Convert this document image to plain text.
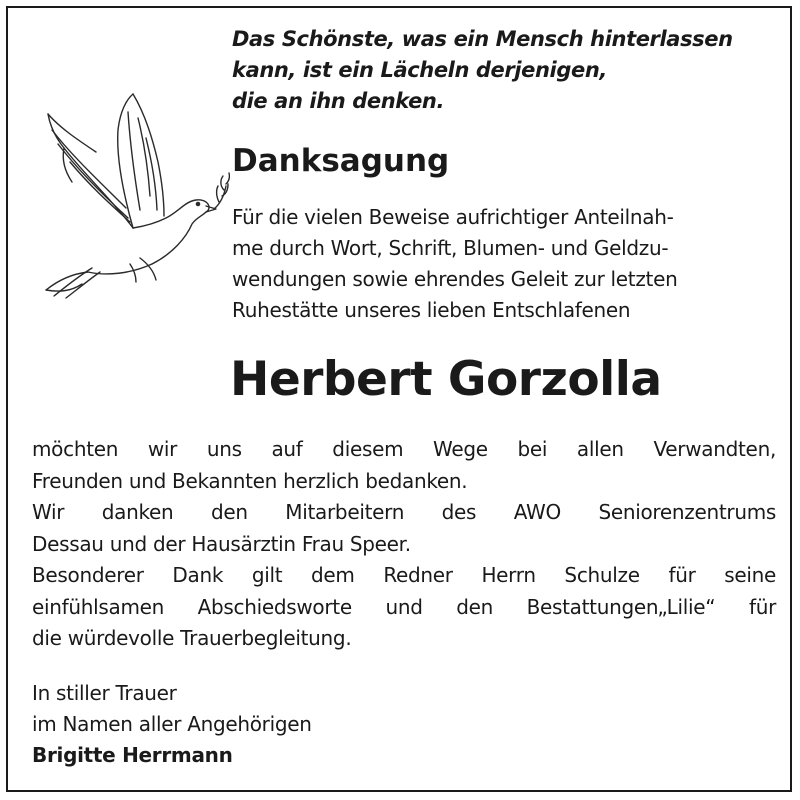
Das Schönste, was ein Mensch hinterlassen
kann, ist ein Lächeln derjenigen,
die an ihn denken.
Danksagung
Für die vielen Beweise aufrichtiger Anteilnah-
me durch Wort, Schrift, Blumen- und Geldzu-
wendungen sowie ehrendes Geleit zur letzten
Ruhestätte unseres lieben Entschlafenen
Herbert Gorzolla
möchten wir uns auf diesem Wege bei allen Verwandten,
Freunden und Bekannten herzlich bedanken.
Wir danken den Mitarbeitern des AWO Seniorenzentrums
Dessau und der Hausärztin Frau Speer.
Besonderer Dank gilt dem Redner Herrn Schulze für seine
einfühlsamen Abschiedsworte und den Bestattungen„Lilie“ für
die würdevolle Trauerbegleitung.
In stiller Trauer
im Namen aller Angehörigen
Brigitte Herrmann
